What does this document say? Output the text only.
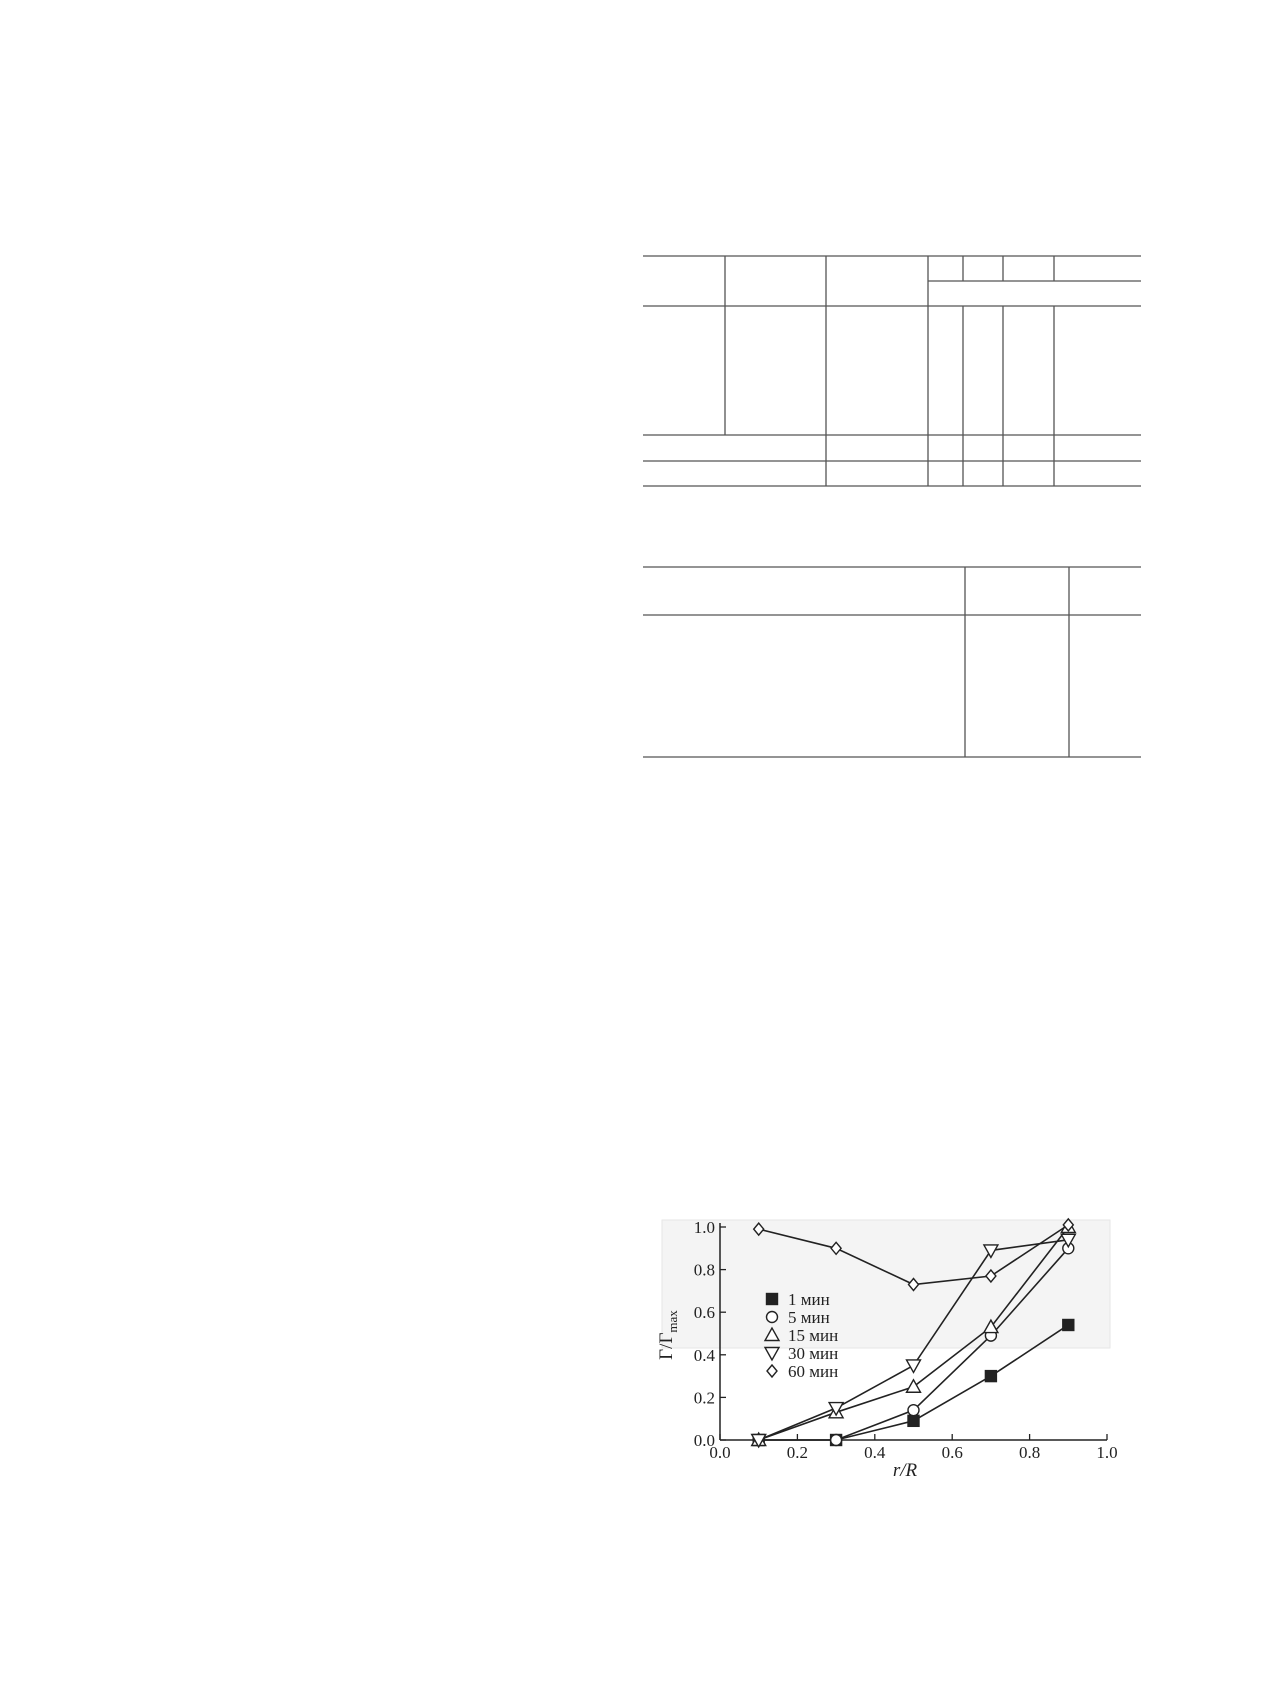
0.0	0.2	0.4	0.6	0.8	1.0
0.0
0.2
0.4
0.6
0.8
1.0
1 мин
5 мин
15 мин
30 мин
60 мин
r/R
$\Gamma/\Gamma_{max}$
